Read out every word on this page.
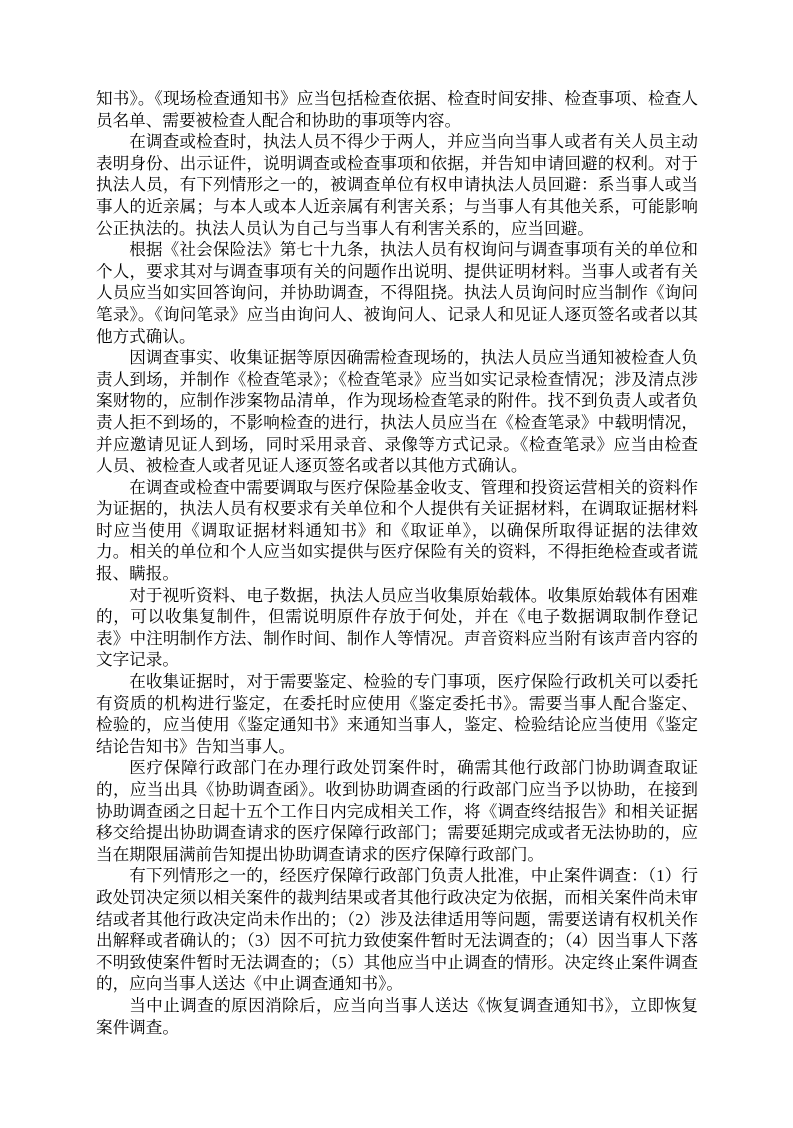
知书》。《现场检查通知书》应当包括检查依据、检查时间安排、检查事项、检查人员名单、需要被检查人配合和协助的事项等内容。

在调查或检查时，执法人员不得少于两人，并应当向当事人或者有关人员主动表明身份、出示证件，说明调查或检查事项和依据，并告知申请回避的权利。对于执法人员，有下列情形之一的，被调查单位有权申请执法人员回避：系当事人或当事人的近亲属；与本人或本人近亲属有利害关系；与当事人有其他关系，可能影响公正执法的。执法人员认为自己与当事人有利害关系的，应当回避。

根据《社会保险法》第七十九条，执法人员有权询问与调查事项有关的单位和个人，要求其对与调查事项有关的问题作出说明、提供证明材料。当事人或者有关人员应当如实回答询问，并协助调查，不得阻挠。执法人员询问时应当制作《询问笔录》。《询问笔录》应当由询问人、被询问人、记录人和见证人逐页签名或者以其他方式确认。

因调查事实、收集证据等原因确需检查现场的，执法人员应当通知被检查人负责人到场，并制作《检查笔录》；《检查笔录》应当如实记录检查情况；涉及清点涉案财物的，应制作涉案物品清单，作为现场检查笔录的附件。找不到负责人或者负责人拒不到场的，不影响检查的进行，执法人员应当在《检查笔录》中载明情况，并应邀请见证人到场，同时采用录音、录像等方式记录。《检查笔录》应当由检查人员、被检查人或者见证人逐页签名或者以其他方式确认。

在调查或检查中需要调取与医疗保险基金收支、管理和投资运营相关的资料作为证据的，执法人员有权要求有关单位和个人提供有关证据材料，在调取证据材料时应当使用《调取证据材料通知书》和《取证单》，以确保所取得证据的法律效力。相关的单位和个人应当如实提供与医疗保险有关的资料，不得拒绝检查或者谎报、瞒报。

对于视听资料、电子数据，执法人员应当收集原始载体。收集原始载体有困难的，可以收集复制件，但需说明原件存放于何处，并在《电子数据调取制作登记表》中注明制作方法、制作时间、制作人等情况。声音资料应当附有该声音内容的文字记录。

在收集证据时，对于需要鉴定、检验的专门事项，医疗保险行政机关可以委托有资质的机构进行鉴定，在委托时应使用《鉴定委托书》。需要当事人配合鉴定、检验的，应当使用《鉴定通知书》来通知当事人，鉴定、检验结论应当使用《鉴定结论告知书》告知当事人。

医疗保障行政部门在办理行政处罚案件时，确需其他行政部门协助调查取证的，应当出具《协助调查函》。收到协助调查函的行政部门应当予以协助，在接到协助调查函之日起十五个工作日内完成相关工作，将《调查终结报告》和相关证据移交给提出协助调查请求的医疗保障行政部门；需要延期完成或者无法协助的，应当在期限届满前告知提出协助调查请求的医疗保障行政部门。

有下列情形之一的，经医疗保障行政部门负责人批准，中止案件调查：（1）行政处罚决定须以相关案件的裁判结果或者其他行政决定为依据，而相关案件尚未审结或者其他行政决定尚未作出的；（2）涉及法律适用等问题，需要送请有权机关作出解释或者确认的；（3）因不可抗力致使案件暂时无法调查的；（4）因当事人下落不明致使案件暂时无法调查的；（5）其他应当中止调查的情形。决定终止案件调查的，应向当事人送达《中止调查通知书》。

当中止调查的原因消除后，应当向当事人送达《恢复调查通知书》，立即恢复案件调查。
